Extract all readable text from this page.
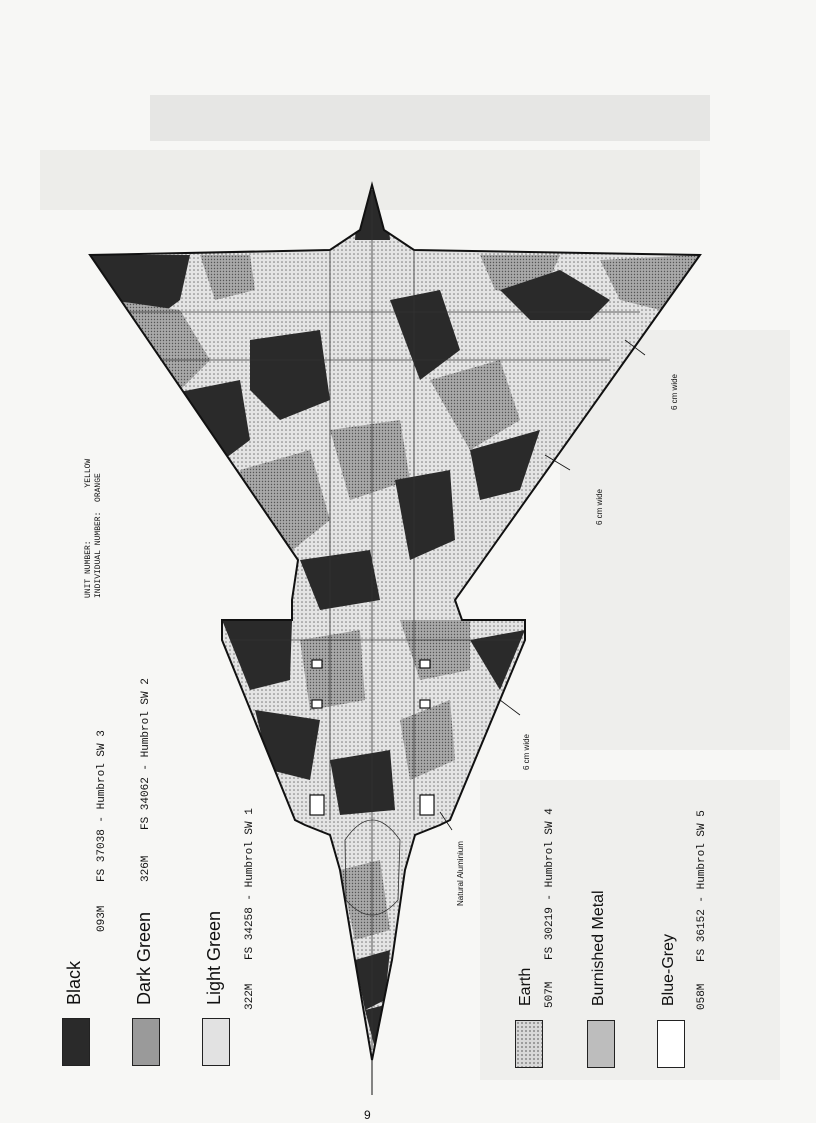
UNIT NUMBER:           YELLOW
INDIVIDUAL NUMBER:  ORANGE
6 cm wide
6 cm wide
6 cm wide
Natural Aluminium
Black
093M
FS 37038 - Humbrol SW 3
Dark Green
326M
FS 34062 - Humbrol SW 2
Light Green 322M
FS 34258 - Humbrol SW 1
Earth 507M
FS 30219 - Humbrol SW 4 Burnished Metal	Blue-Grey 058M
FS 36152 - Humbrol SW 5
9
